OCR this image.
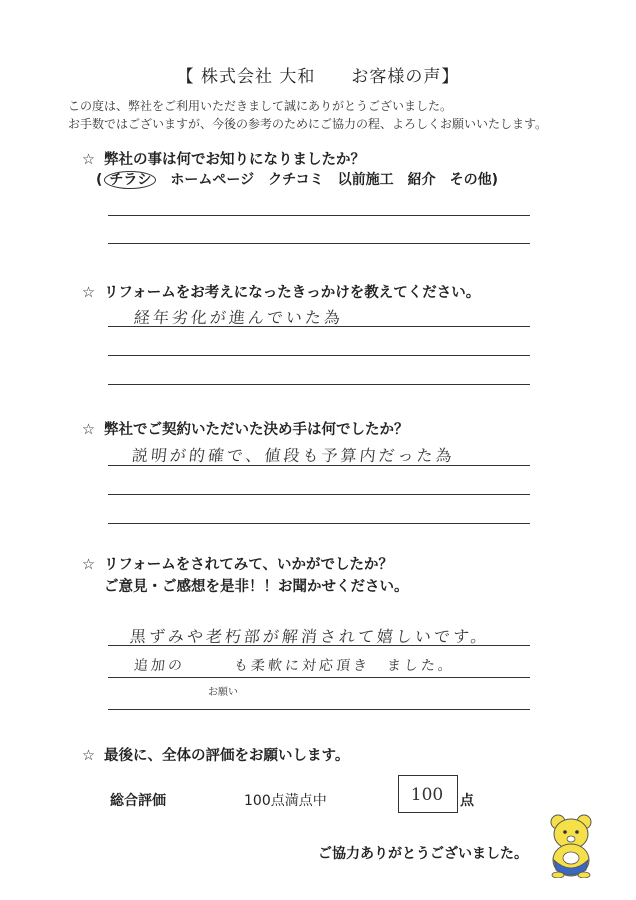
【 株式会社 大和　　お客様の声】
この度は、弊社をご利用いただきまして誠にありがとうございました。
お手数ではございますが、今後の参考のためにご協力の程、よろしくお願いいたします。
☆ 弊社の事は何でお知りになりましたか？
( チラシ ホームページ クチコミ 以前施工 紹介 その他)
☆ リフォームをお考えになったきっかけを教えてください。
経年劣化が進んでいた為
☆ 弊社でご契約いただいた決め手は何でしたか？
説明が的確で、値段も予算内だった為
☆ リフォームをされてみて、いかがでしたか？
ご意見・ご感想を是非！！お聞かせください。
黒ずみや老朽部が解消されて嬉しいです。
追加の	も柔軟に対応頂き　ました。
お願い
☆ 最後に、全体の評価をお願いします。
総合評価	100点満点中	100	点
ご協力ありがとうございました。
